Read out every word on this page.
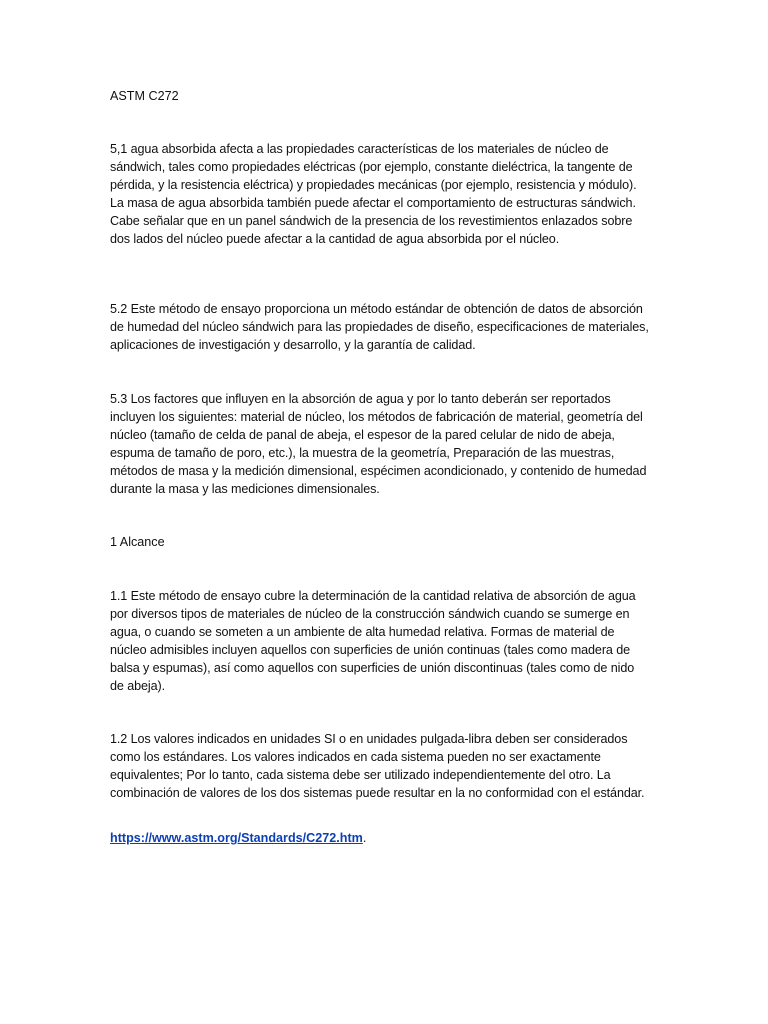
ASTM C272

5,1 agua absorbida afecta a las propiedades características de los materiales de núcleo de sándwich, tales como propiedades eléctricas (por ejemplo, constante dieléctrica, la tangente de pérdida, y la resistencia eléctrica) y propiedades mecánicas (por ejemplo, resistencia y módulo). La masa de agua absorbida también puede afectar el comportamiento de estructuras sándwich. Cabe señalar que en un panel sándwich de la presencia de los revestimientos enlazados sobre dos lados del núcleo puede afectar a la cantidad de agua absorbida por el núcleo.

5.2 Este método de ensayo proporciona un método estándar de obtención de datos de absorción de humedad del núcleo sándwich para las propiedades de diseño, especificaciones de materiales, aplicaciones de investigación y desarrollo, y la garantía de calidad.

5.3 Los factores que influyen en la absorción de agua y por lo tanto deberán ser reportados incluyen los siguientes: material de núcleo, los métodos de fabricación de material, geometría del núcleo (tamaño de celda de panal de abeja, el espesor de la pared celular de nido de abeja, espuma de tamaño de poro, etc.), la muestra de la geometría, Preparación de las muestras, métodos de masa y la medición dimensional, espécimen acondicionado, y contenido de humedad durante la masa y las mediciones dimensionales.

1 Alcance

1.1 Este método de ensayo cubre la determinación de la cantidad relativa de absorción de agua por diversos tipos de materiales de núcleo de la construcción sándwich cuando se sumerge en agua, o cuando se someten a un ambiente de alta humedad relativa. Formas de material de núcleo admisibles incluyen aquellos con superficies de unión continuas (tales como madera de balsa y espumas), así como aquellos con superficies de unión discontinuas (tales como de nido de abeja).

1.2 Los valores indicados en unidades SI o en unidades pulgada-libra deben ser considerados como los estándares. Los valores indicados en cada sistema pueden no ser exactamente equivalentes; Por lo tanto, cada sistema debe ser utilizado independientemente del otro. La combinación de valores de los dos sistemas puede resultar en la no conformidad con el estándar.

https://www.astm.org/Standards/C272.htm.
